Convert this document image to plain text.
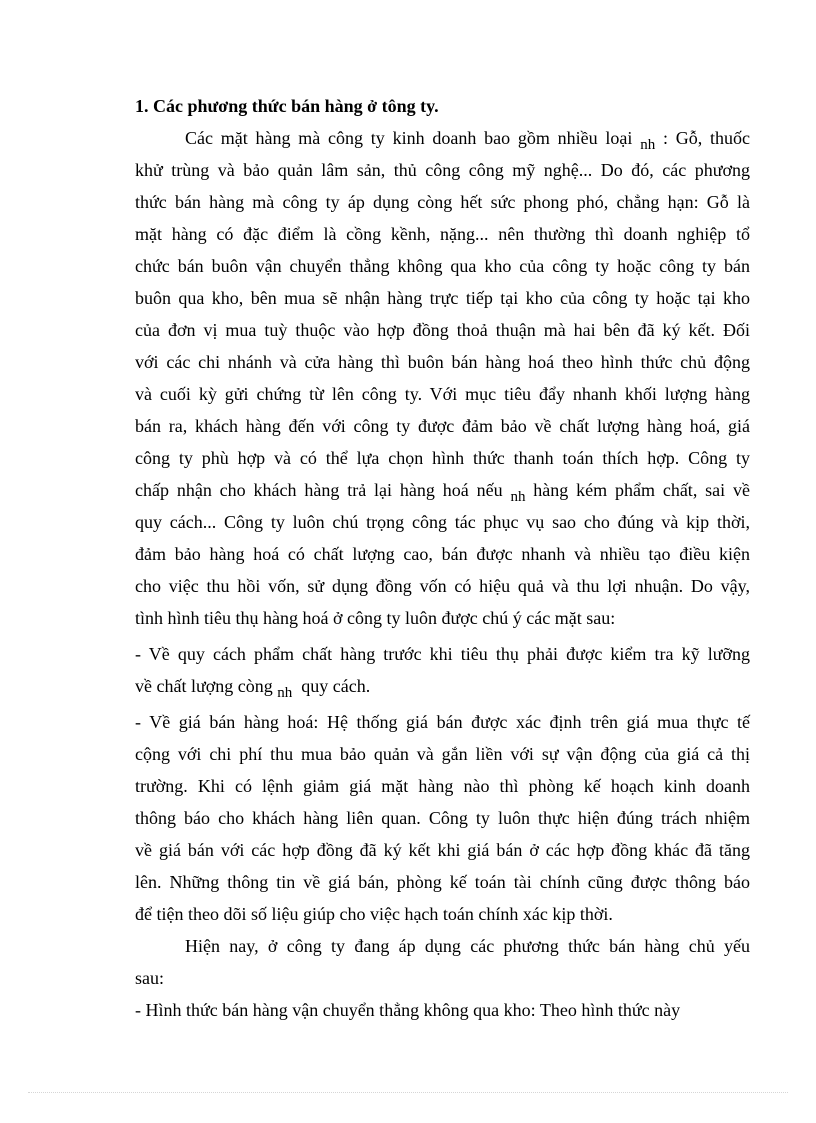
1. Các phương thức bán hàng ở tông ty.
Các mặt hàng mà công ty kinh doanh bao gồm nhiều loại $_{nh}$ : Gỗ, thuốc
khử trùng và bảo quản lâm sản, thủ công công mỹ nghệ... Do đó, các phương
thức bán hàng mà công ty áp dụng còng hết sức phong phó, chẳng hạn: Gỗ là
mặt hàng có đặc điểm là cồng kềnh, nặng... nên thường thì doanh nghiệp tổ
chức bán buôn vận chuyển thẳng không qua kho của công ty hoặc công ty bán
buôn qua kho, bên mua sẽ nhận hàng trực tiếp tại kho của công ty hoặc tại kho
của đơn vị mua tuỳ thuộc vào hợp đồng thoả thuận mà hai bên đã ký kết. Đối
với các chi nhánh và cửa hàng thì buôn bán hàng hoá theo hình thức chủ động
và cuối kỳ gửi chứng từ lên công ty. Với mục tiêu đẩy nhanh khối lượng hàng
bán ra, khách hàng đến với công ty được đảm bảo về chất lượng hàng hoá, giá
công ty phù hợp và có thể lựa chọn hình thức thanh toán thích hợp. Công ty
chấp nhận cho khách hàng trả lại hàng hoá nếu $_{nh}$ hàng kém phẩm chất, sai về
quy cách... Công ty luôn chú trọng công tác phục vụ sao cho đúng và kịp thời,
đảm bảo hàng hoá có chất lượng cao, bán được nhanh và nhiều tạo điều kiện
cho việc thu hồi vốn, sử dụng đồng vốn có hiệu quả và thu lợi nhuận. Do vậy,
tình hình tiêu thụ hàng hoá ở công ty luôn được chú ý các mặt sau:
- Về quy cách phẩm chất hàng trước khi tiêu thụ phải được kiểm tra kỹ lưỡng
về chất lượng còng $_{nh}$ quy cách.
- Về giá bán hàng hoá: Hệ thống giá bán được xác định trên giá mua thực tế
cộng với chi phí thu mua bảo quản và gắn liền với sự vận động của giá cả thị
trường. Khi có lệnh giảm giá mặt hàng nào thì phòng kế hoạch kinh doanh
thông báo cho khách hàng liên quan. Công ty luôn thực hiện đúng trách nhiệm
về giá bán với các hợp đồng đã ký kết khi giá bán ở các hợp đồng khác đã tăng
lên. Những thông tin về giá bán, phòng kế toán tài chính cũng được thông báo
để tiện theo dõi số liệu giúp cho việc hạch toán chính xác kịp thời.
Hiện nay, ở công ty đang áp dụng các phương thức bán hàng chủ yếu
sau:
- Hình thức bán hàng vận chuyển thẳng không qua kho: Theo hình thức này
